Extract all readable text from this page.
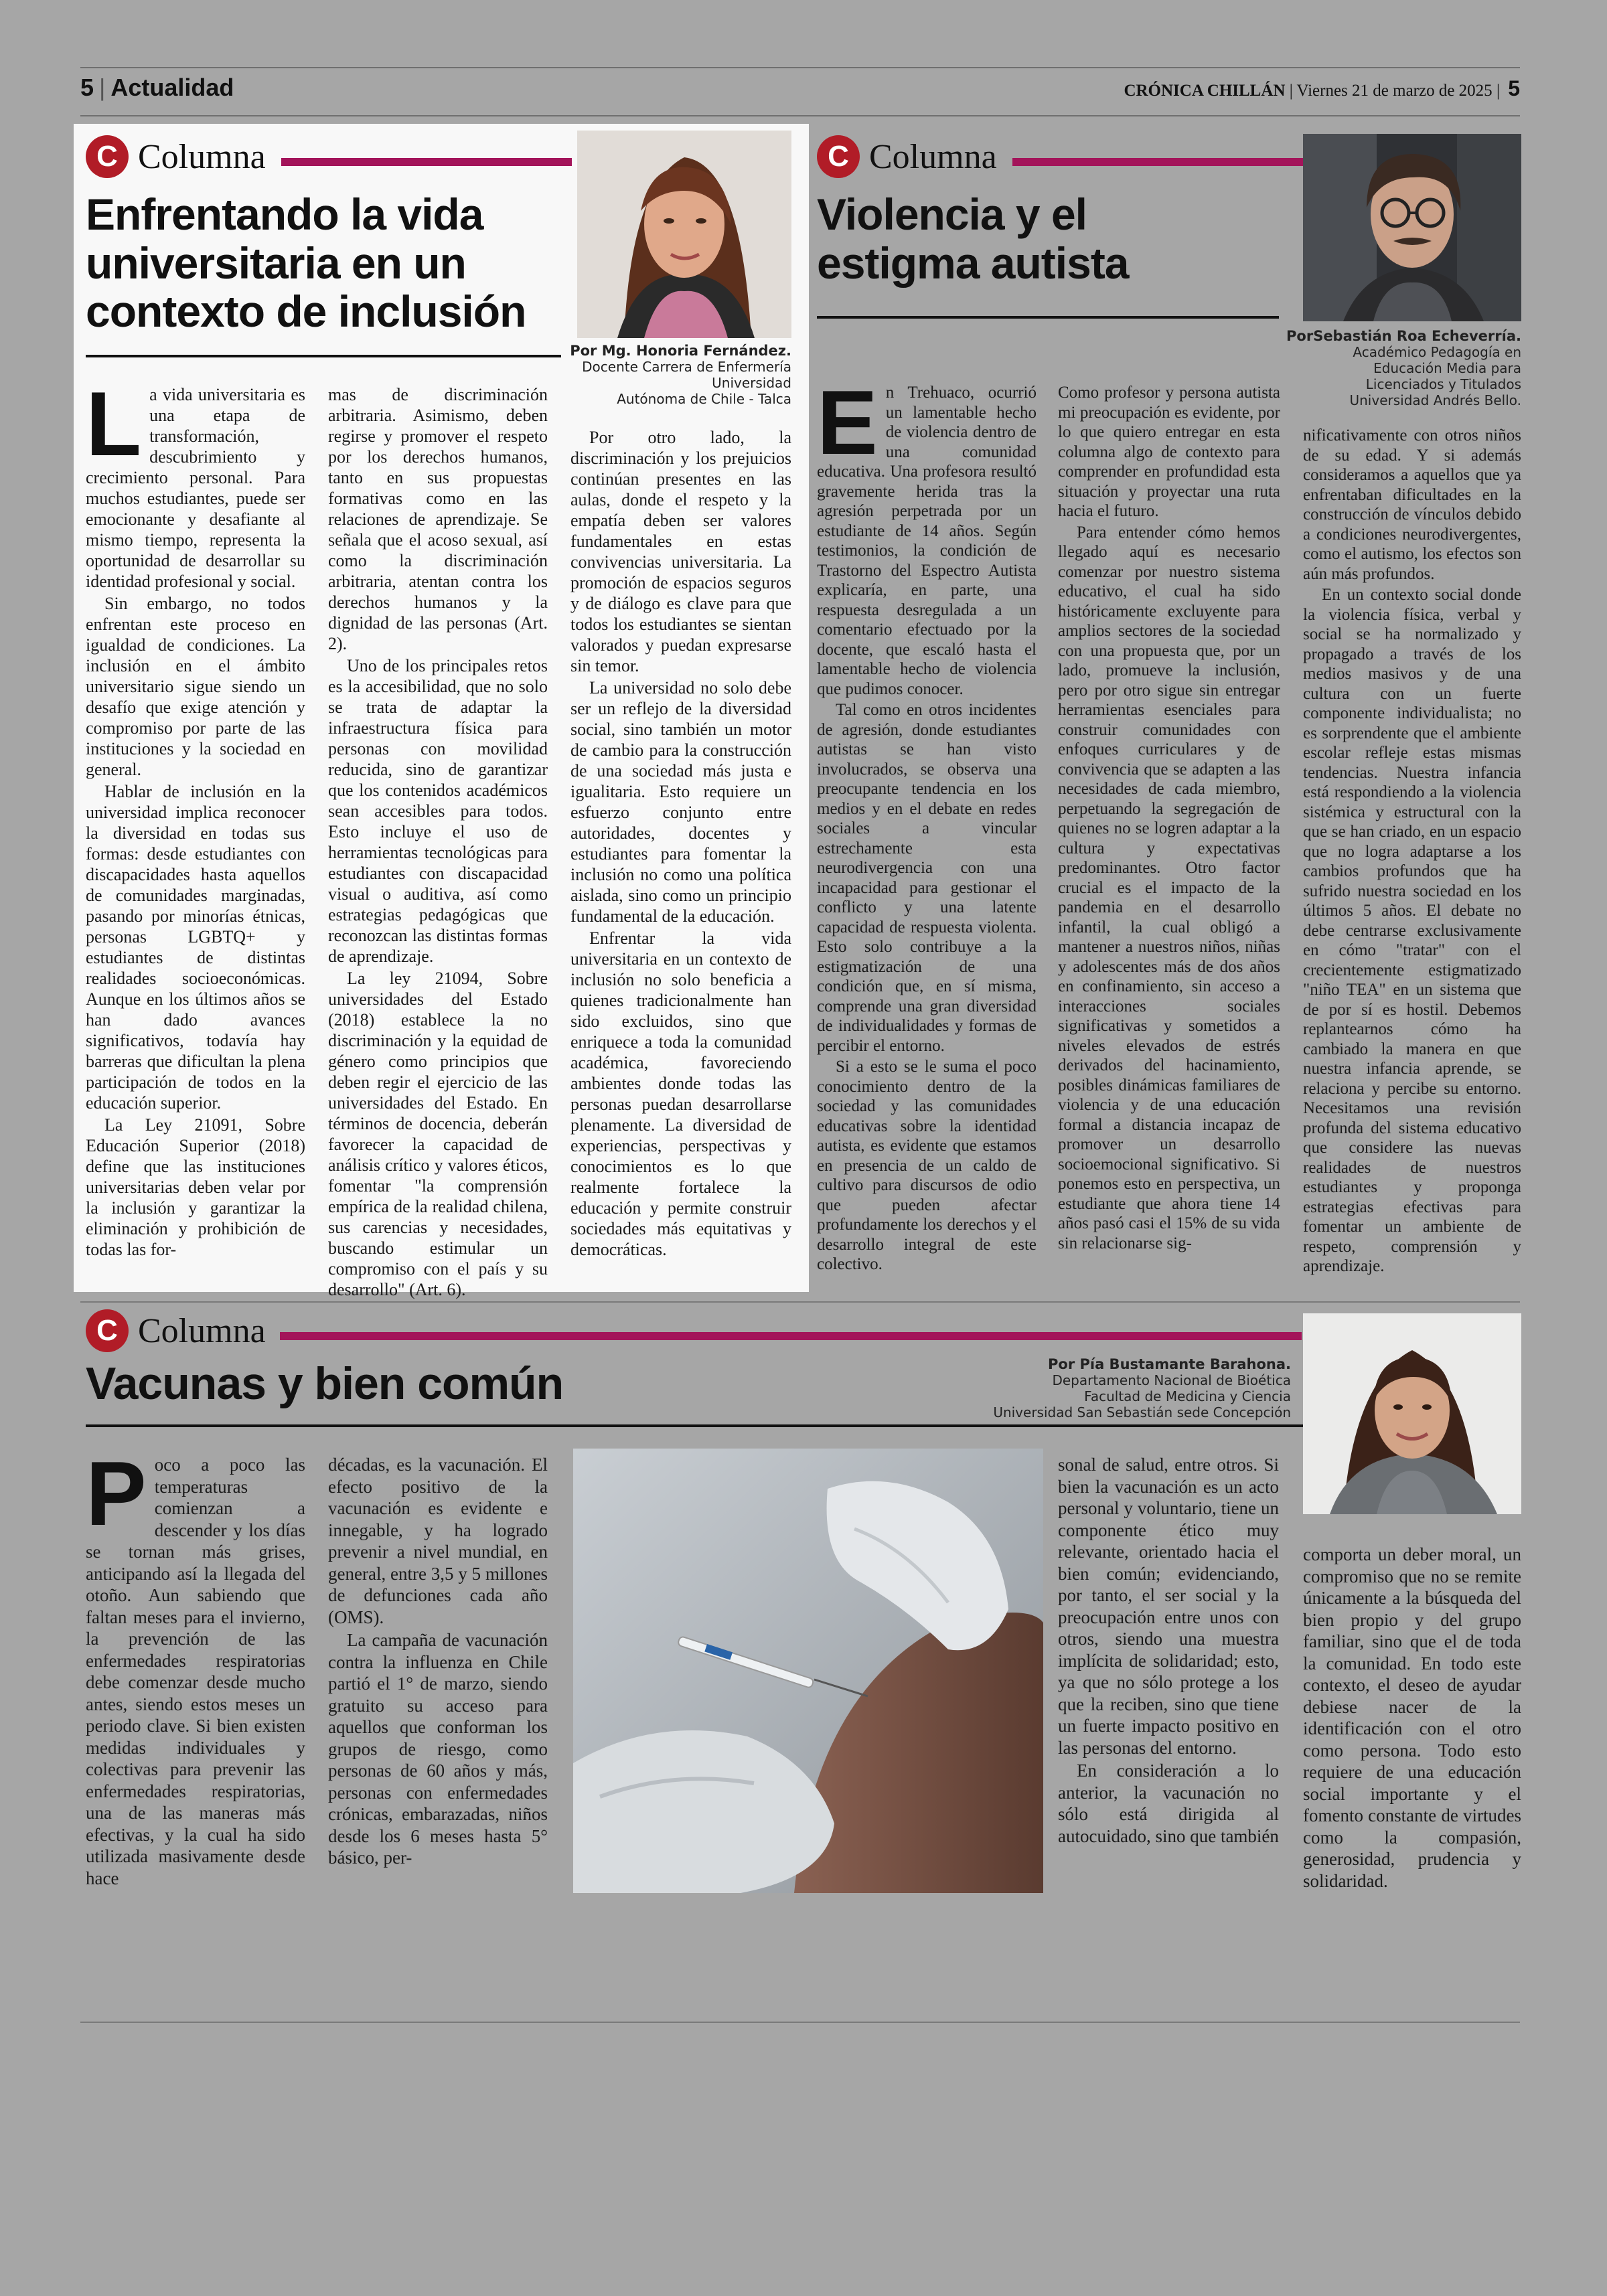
5 | Actualidad	CRÓNICA CHILLÁN | Viernes 21 de marzo de 2025 | 5
C Columna
Enfrentando la vida universitaria en un contexto de inclusión
Por Mg. Honoria Fernández.
Docente Carrera de Enfermería
Universidad
Autónoma de Chile - Talca

La vida universitaria es una etapa de transformación, descubrimiento y crecimiento personal. Para muchos estudiantes, puede ser emocionante y desafiante al mismo tiempo, representa la oportunidad de desarrollar su identidad profesional y social.

Sin embargo, no todos enfrentan este proceso en igualdad de condiciones. La inclusión en el ámbito universitario sigue siendo un desafío que exige atención y compromiso por parte de las instituciones y la sociedad en general.

Hablar de inclusión en la universidad implica reconocer la diversidad en todas sus formas: desde estudiantes con discapacidades hasta aquellos de comunidades marginadas, pasando por minorías étnicas, personas LGBTQ+ y estudiantes de distintas realidades socioeconómicas. Aunque en los últimos años se han dado avances significativos, todavía hay barreras que dificultan la plena participación de todos en la educación superior.

La Ley 21091, Sobre Educación Superior (2018) define que las instituciones universitarias deben velar por la inclusión y garantizar la eliminación y prohibición de todas las for-

mas de discriminación arbitraria. Asimismo, deben regirse y promover el respeto por los derechos humanos, tanto en sus propuestas formativas como en las relaciones de aprendizaje. Se señala que el acoso sexual, así como la discriminación arbitraria, atentan contra los derechos humanos y la dignidad de las personas (Art. 2).

Uno de los principales retos es la accesibilidad, que no solo se trata de adaptar la infraestructura física para personas con movilidad reducida, sino de garantizar que los contenidos académicos sean accesibles para todos. Esto incluye el uso de herramientas tecnológicas para estudiantes con discapacidad visual o auditiva, así como estrategias pedagógicas que reconozcan las distintas formas de aprendizaje.

La ley 21094, Sobre universidades del Estado (2018) establece la no discriminación y la equidad de género como principios que deben regir el ejercicio de las universidades del Estado. En términos de docencia, deberán favorecer la capacidad de análisis crítico y valores éticos, fomentar "la comprensión empírica de la realidad chilena, sus carencias y necesidades, buscando estimular un compromiso con el país y su desarrollo" (Art. 6).

Por otro lado, la discriminación y los prejuicios continúan presentes en las aulas, donde el respeto y la empatía deben ser valores fundamentales en estas convivencias universitaria. La promoción de espacios seguros y de diálogo es clave para que todos los estudiantes se sientan valorados y puedan expresarse sin temor.

La universidad no solo debe ser un reflejo de la diversidad social, sino también un motor de cambio para la construcción de una sociedad más justa e igualitaria. Esto requiere un esfuerzo conjunto entre autoridades, docentes y estudiantes para fomentar la inclusión no como una política aislada, sino como un principio fundamental de la educación.

Enfrentar la vida universitaria en un contexto de inclusión no solo beneficia a quienes tradicionalmente han sido excluidos, sino que enriquece a toda la comunidad académica, favoreciendo ambientes donde todas las personas puedan desarrollarse plenamente. La diversidad de experiencias, perspectivas y conocimientos es lo que realmente fortalece la educación y permite construir sociedades más equitativas y democráticas.

C Columna
Violencia y el estigma autista
PorSebastián Roa Echeverría.
Académico Pedagogía en
Educación Media para
Licenciados y Titulados
Universidad Andrés Bello.

En Trehuaco, ocurrió un lamentable hecho de violencia dentro de una comunidad educativa. Una profesora resultó gravemente herida tras la agresión perpetrada por un estudiante de 14 años. Según testimonios, la condición de Trastorno del Espectro Autista explicaría, en parte, una respuesta desregulada a un comentario efectuado por la docente, que escaló hasta el lamentable hecho de violencia que pudimos conocer.

Tal como en otros incidentes de agresión, donde estudiantes autistas se han visto involucrados, se observa una preocupante tendencia en los medios y en el debate en redes sociales a vincular estrechamente esta neurodivergencia con una incapacidad para gestionar el conflicto y una latente capacidad de respuesta violenta. Esto solo contribuye a la estigmatización de una condición que, en sí misma, comprende una gran diversidad de individualidades y formas de percibir el entorno.

Si a esto se le suma el poco conocimiento dentro de la sociedad y las comunidades educativas sobre la identidad autista, es evidente que estamos en presencia de un caldo de cultivo para discursos de odio que pueden afectar profundamente los derechos y el desarrollo integral de este colectivo.

Como profesor y persona autista mi preocupación es evidente, por lo que quiero entregar en esta columna algo de contexto para comprender en profundidad esta situación y proyectar una ruta hacia el futuro.

Para entender cómo hemos llegado aquí es necesario comenzar por nuestro sistema educativo, el cual ha sido históricamente excluyente para amplios sectores de la sociedad con una propuesta que, por un lado, promueve la inclusión, pero por otro sigue sin entregar herramientas esenciales para construir comunidades con enfoques curriculares y de convivencia que se adapten a las necesidades de cada miembro, perpetuando la segregación de quienes no se logren adaptar a la cultura y expectativas predominantes. Otro factor crucial es el impacto de la pandemia en el desarrollo infantil, la cual obligó a mantener a nuestros niños, niñas y adolescentes más de dos años en confinamiento, sin acceso a interacciones sociales significativas y sometidos a niveles elevados de estrés derivados del hacinamiento, posibles dinámicas familiares de violencia y de una educación formal a distancia incapaz de promover un desarrollo socioemocional significativo. Si ponemos esto en perspectiva, un estudiante que ahora tiene 14 años pasó casi el 15% de su vida sin relacionarse sig-

nificativamente con otros niños de su edad. Y si además consideramos a aquellos que ya enfrentaban dificultades en la construcción de vínculos debido a condiciones neurodivergentes, como el autismo, los efectos son aún más profundos.

En un contexto social donde la violencia física, verbal y social se ha normalizado y propagado a través de los medios masivos y de una cultura con un fuerte componente individualista; no es sorprendente que el ambiente escolar refleje estas mismas tendencias. Nuestra infancia está respondiendo a la violencia sistémica y estructural con la que se han criado, en un espacio que no logra adaptarse a los cambios profundos que ha sufrido nuestra sociedad en los últimos 5 años. El debate no debe centrarse exclusivamente en cómo "tratar" con el crecientemente estigmatizado "niño TEA" en un sistema que de por sí es hostil. Debemos replantearnos cómo ha cambiado la manera en que nuestra infancia aprende, se relaciona y percibe su entorno. Necesitamos una revisión profunda del sistema educativo que considere las nuevas realidades de nuestros estudiantes y proponga estrategias efectivas para fomentar un ambiente de respeto, comprensión y aprendizaje.

C Columna
Vacunas y bien común	Por Pía Bustamante Barahona.
Departamento Nacional de Bioética
Facultad de Medicina y Ciencia
Universidad San Sebastián sede Concepción

Poco a poco las temperaturas comienzan a descender y los días se tornan más grises, anticipando así la llegada del otoño. Aun sabiendo que faltan meses para el invierno, la prevención de las enfermedades respiratorias debe comenzar desde mucho antes, siendo estos meses un periodo clave. Si bien existen medidas individuales y colectivas para prevenir las enfermedades respiratorias, una de las maneras más efectivas, y la cual ha sido utilizada masivamente desde hace

décadas, es la vacunación. El efecto positivo de la vacunación es evidente e innegable, y ha logrado prevenir a nivel mundial, en general, entre 3,5 y 5 millones de defunciones cada año (OMS).

La campaña de vacunación contra la influenza en Chile partió el 1° de marzo, siendo gratuito su acceso para aquellos que conforman los grupos de riesgo, como personas de 60 años y más, personas con enfermedades crónicas, embarazadas, niños desde los 6 meses hasta 5° básico, per-

sonal de salud, entre otros. Si bien la vacunación es un acto personal y voluntario, tiene un componente ético muy relevante, orientado hacia el bien común; evidenciando, por tanto, el ser social y la preocupación entre unos con otros, siendo una muestra implícita de solidaridad; esto, ya que no sólo protege a los que la reciben, sino que tiene un fuerte impacto positivo en las personas del entorno.

En consideración a lo anterior, la vacunación no sólo está dirigida al autocuidado, sino que también

comporta un deber moral, un compromiso que no se remite únicamente a la búsqueda del bien propio y del grupo familiar, sino que el de toda la comunidad. En todo este contexto, el deseo de ayudar debiese nacer de la identificación con el otro como persona. Todo esto requiere de una educación social importante y el fomento constante de virtudes como la compasión, generosidad, prudencia y solidaridad.
